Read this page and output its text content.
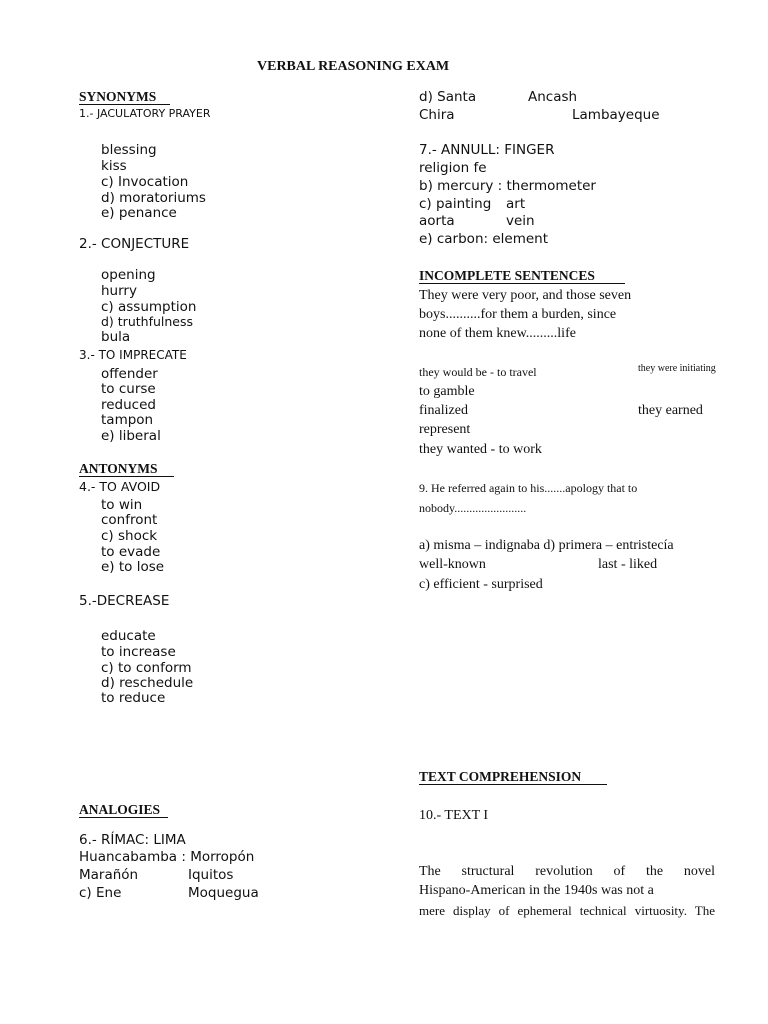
VERBAL REASONING EXAM
SYNONYMS
1.- JACULATORY PRAYER
blessing
kiss
c) Invocation
d) moratoriums
e) penance
2.- CONJECTURE
opening
hurry
c) assumption
d) truthfulness
bula
3.- TO IMPRECATE
offender
to curse
reduced
tampon
e) liberal
ANTONYMS
4.- TO AVOID
to win
confront
c) shock
to evade
e) to lose
5.-DECREASE
educate
to increase
c) to conform
d) reschedule
to reduce
ANALOGIES
6.- RÍMAC: LIMA
Huancabamba : Morropón
Marañón	Iquitos
c) Ene	Moquegua
d) Santa	Ancash
Chira	Lambayeque
7.- ANNULL: FINGER
religion fe
b) mercury : thermometer
c) painting art
aorta	vein
e) carbon: element
INCOMPLETE SENTENCES
They were very poor, and those seven
boys..........for them a burden, since
none of them knew.........life
they would be - to travel	they were initiating
to gamble
finalized	they earned
represent
they wanted - to work
9. He referred again to his.......apology that to
nobody........................
a) misma – indignaba d) primera – entristecía
well-known	last - liked
c) efficient - surprised
TEXT COMPREHENSION
10.- TEXT I
The structural revolution of the novel
Hispano-American in the 1940s was not a
mere display of ephemeral technical virtuosity. The
